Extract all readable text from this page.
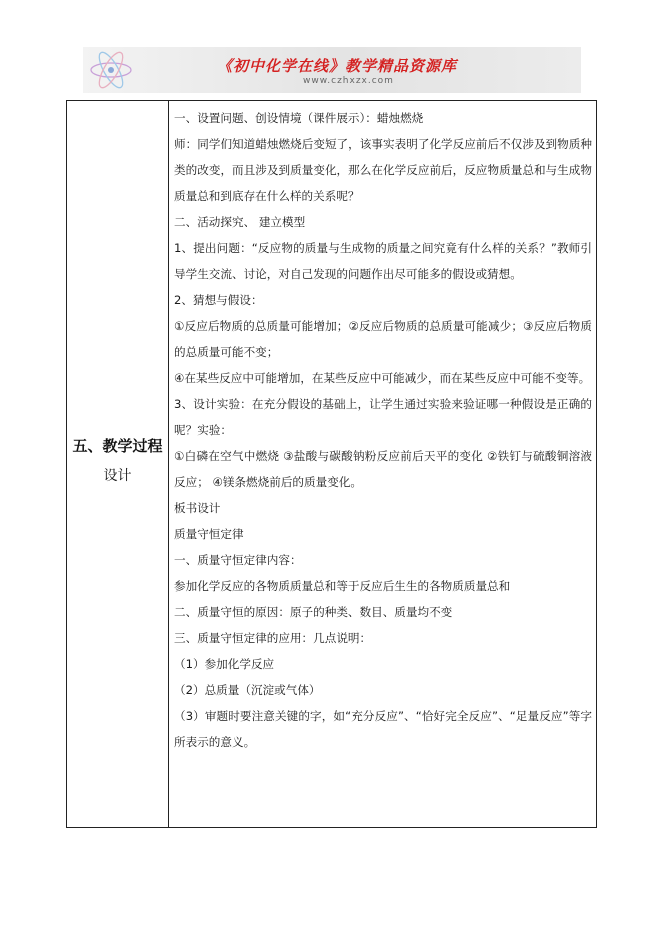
《初中化学在线》教学精品资源库
www.czhxzx.com
五、教学过程
设计

一、设置问题、创设情境（课件展示）：蜡烛燃烧

师：同学们知道蜡烛燃烧后变短了，该事实表明了化学反应前后不仅涉及到物质种类的改变，而且涉及到质量变化，那么在化学反应前后，反应物质量总和与生成物质量总和到底存在什么样的关系呢？

二、活动探究、 建立模型

1、提出问题：“反应物的质量与生成物的质量之间究竟有什么样的关系？”教师引导学生交流、讨论，对自己发现的问题作出尽可能多的假设或猜想。

2、猜想与假设：

①反应后物质的总质量可能增加；②反应后物质的总质量可能减少；③反应后物质的总质量可能不变；

④在某些反应中可能增加，在某些反应中可能减少，而在某些反应中可能不变等。

3、设计实验：在充分假设的基础上，让学生通过实验来验证哪一种假设是正确的呢？实验：

①白磷在空气中燃烧 ③盐酸与碳酸钠粉反应前后天平的变化 ②铁钉与硫酸铜溶液反应； ④镁条燃烧前后的质量变化。

板书设计

质量守恒定律

一、质量守恒定律内容：

参加化学反应的各物质质量总和等于反应后生生的各物质质量总和

二、质量守恒的原因：原子的种类、数目、质量均不变

三、质量守恒定律的应用：几点说明：

（1）参加化学反应

（2）总质量（沉淀或气体）

（3）审题时要注意关键的字，如“充分反应”、“恰好完全反应”、“足量反应”等字所表示的意义。
